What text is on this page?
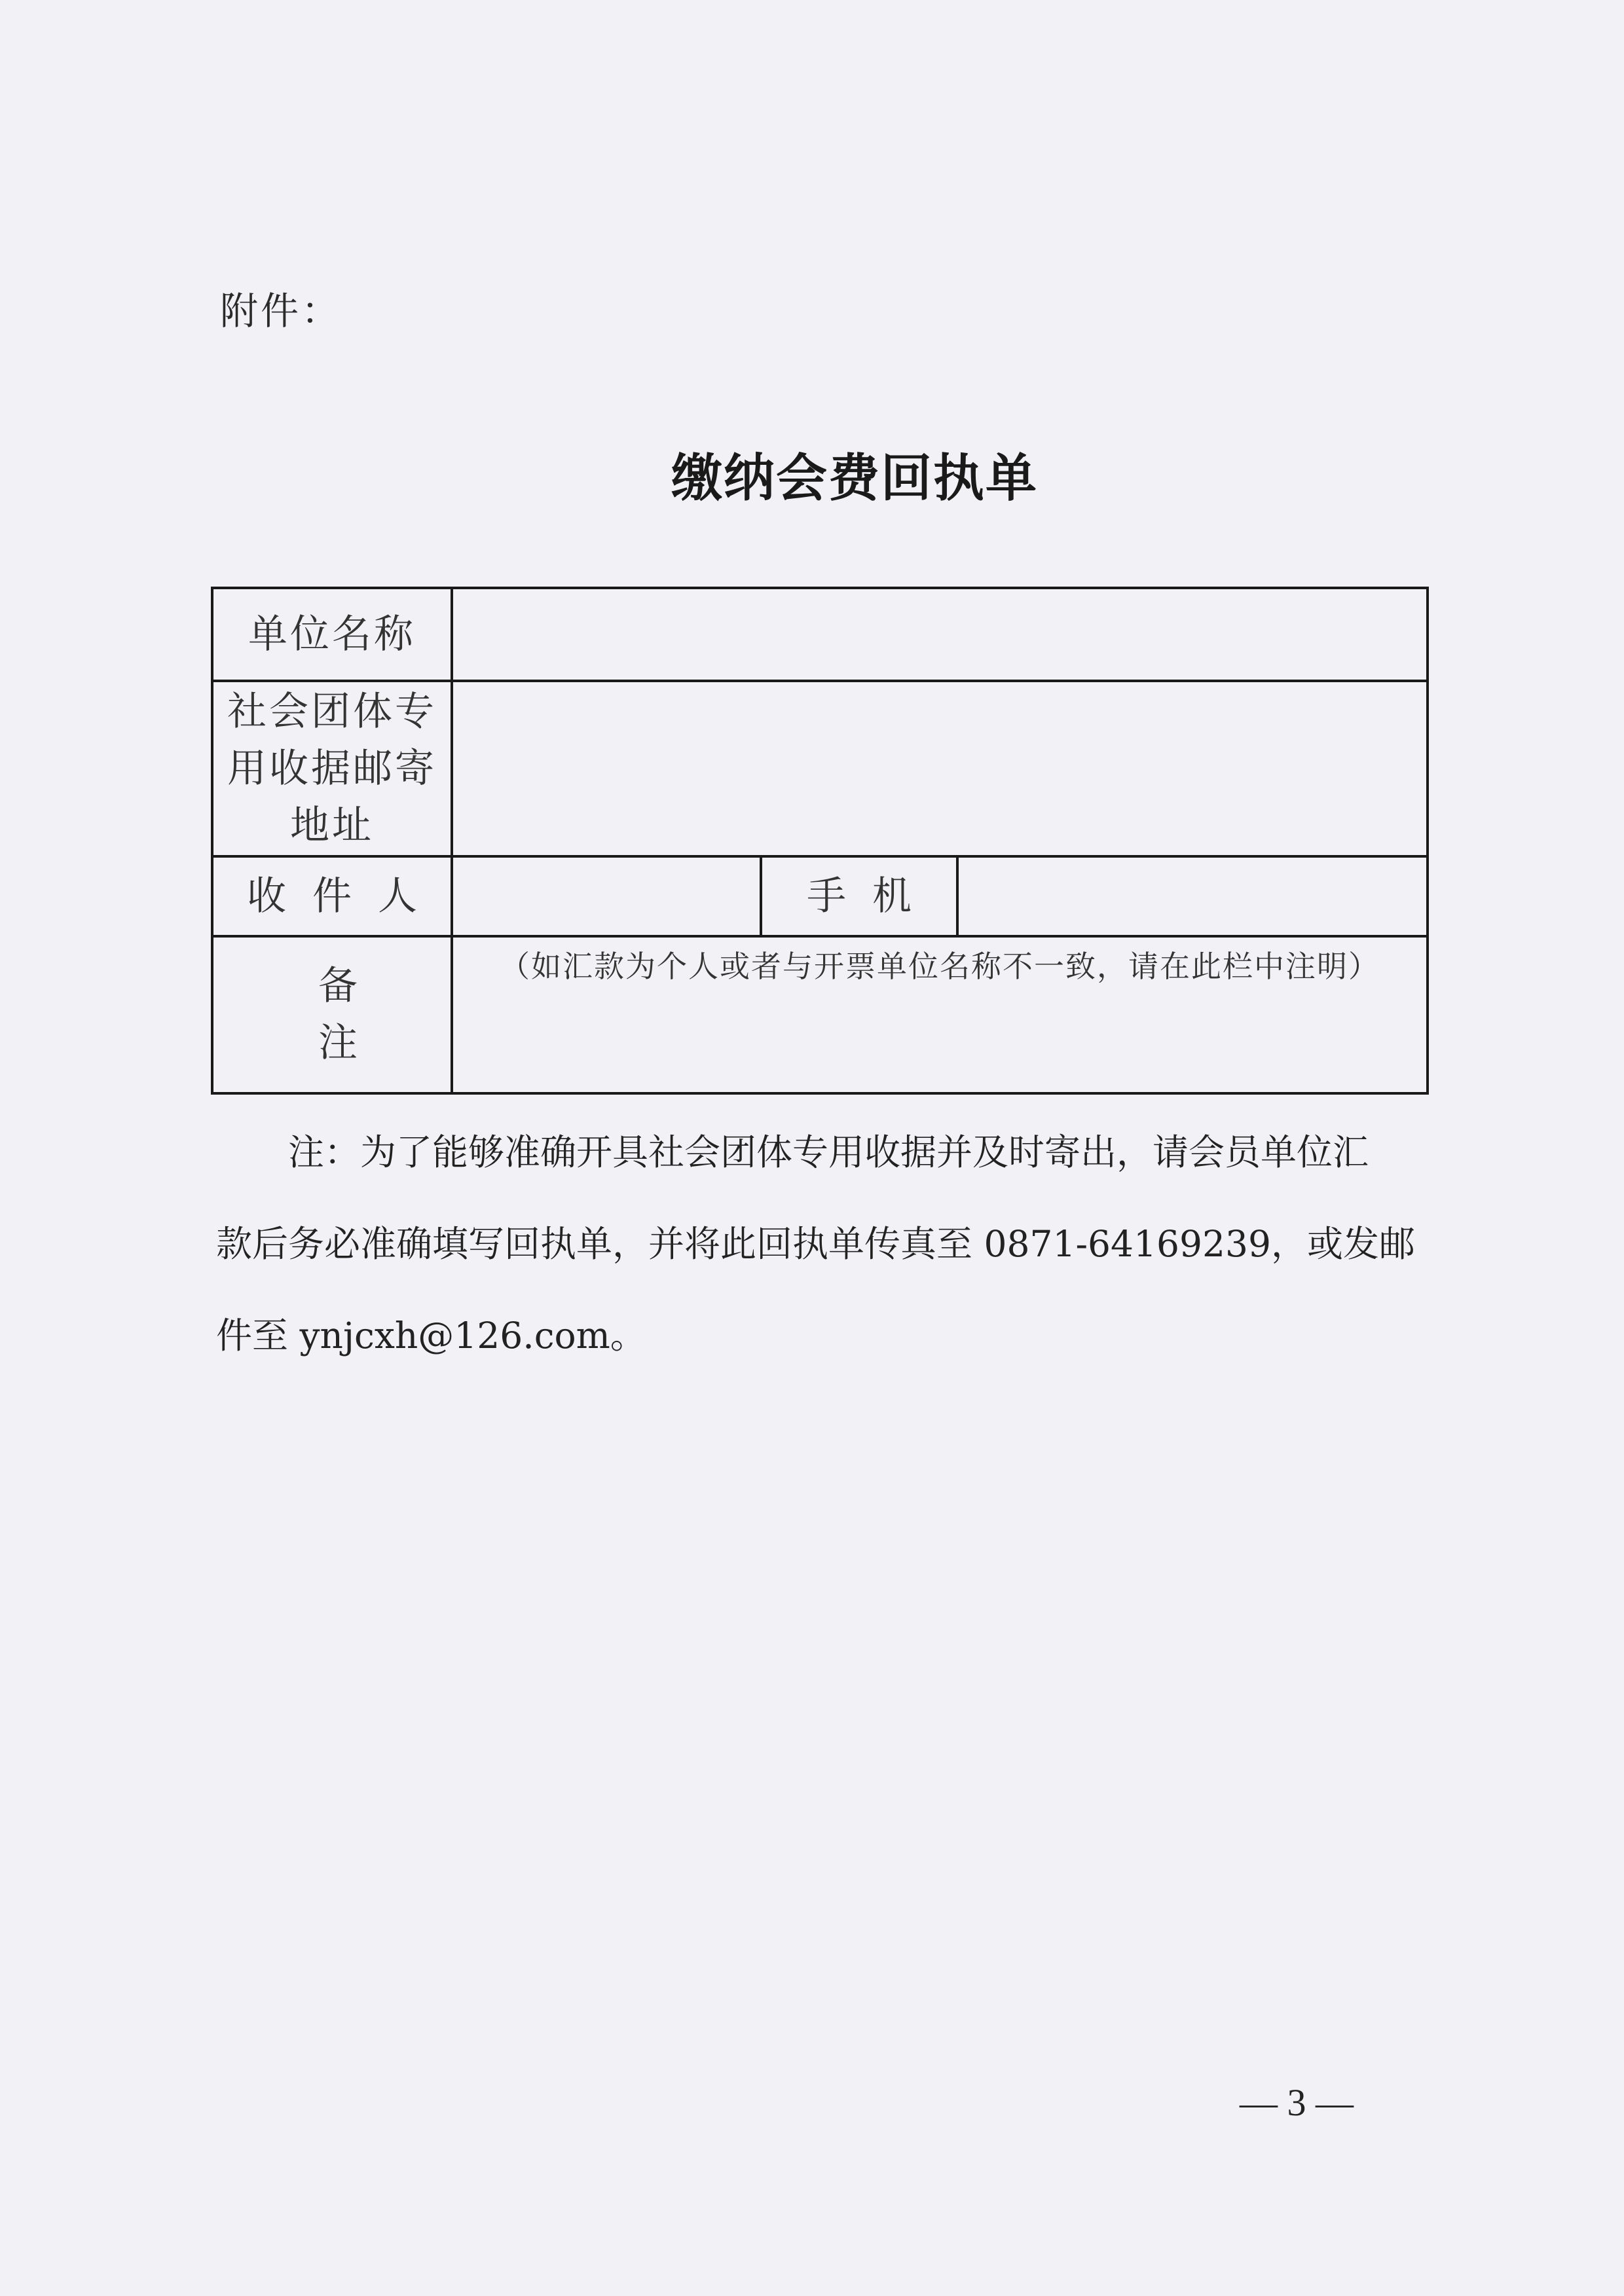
附件：
缴纳会费回执单
单位名称			

社会团体专
用收据邮寄
地址			

收件人		手机	
备注	（如汇款为个人或者与开票单位名称不一致，请在此栏中注明）		

注：为了能够准确开具社会团体专用收据并及时寄出，请会员单位汇

款后务必准确填写回执单，并将此回执单传真至 0871-64169239，或发邮

件至 ynjcxh@126.com。

— 3 —
